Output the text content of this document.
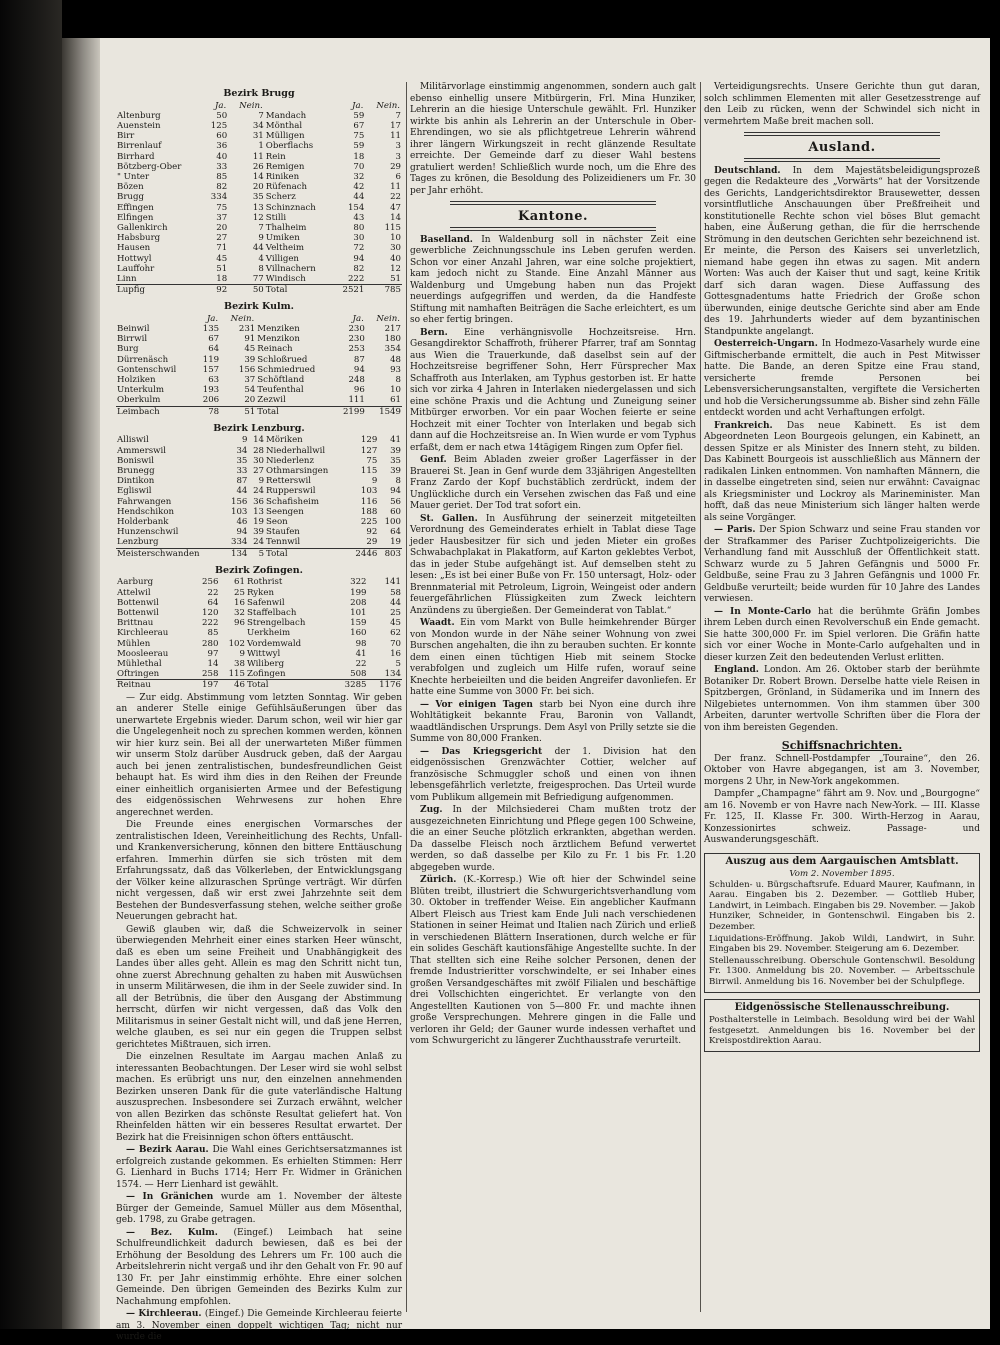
Bezirk Brugg
	Ja.	Nein.		Ja.	Nein.
Altenburg	50	7	Mandach	59	7
Auenstein	125	34	Mönthal	67	17
Birr	60	31	Mülligen	75	11
Birrenlauf	36	1	Oberflachs	59	3
Birrhard	40	11	Rein	18	3
Bötzberg-Ober	33	26	Remigen	70	29
" Unter	85	14	Riniken	32	6
Bözen	82	20	Rüfenach	42	11
Brugg	334	35	Scherz	44	22
Effingen	75	13	Schinznach	154	47
Elfingen	37	12	Stilli	43	14
Gallenkirch	20	7	Thalheim	80	115
Habsburg	27	9	Umiken	30	10
Hausen	71	44	Veltheim	72	30
Hottwyl	45	4	Villigen	94	40
Lauffohr	51	8	Villnachern	82	12
Linn	18	77	Windisch	222	51
Lupfig	92	50	Total	2521	785
Bezirk Kulm.
	Ja.	Nein.		Ja.	Nein.
Beinwil	135	231	Menziken	230	217
Birrwil	67	91	Menzikon	230	180
Burg	64	45	Reinach	253	354
Dürrenäsch	119	39	Schloßrued	87	48
Gontenschwil	157	156	Schmiedrued	94	93
Holziken	63	37	Schöftland	248	8
Unterkulm	193	54	Teufenthal	96	10
Oberkulm	206	20	Zezwil	111	61
Leimbach	78	51	Total	2199	1549
Bezirk Lenzburg.
Alliswil	9	14	Möriken	129	41
Ammerswil	34	28	Niederhallwil	127	39
Boniswil	35	30	Niederlenz	75	35
Brunegg	33	27	Othmarsingen	115	39
Dintikon	87	9	Retterswil	9	8
Egliswil	44	24	Rupperswil	103	94
Fahrwangen	156	36	Schafisheim	116	56
Hendschikon	103	13	Seengen	188	60
Holderbank	46	19	Seon	225	100
Hunzenschwil	94	39	Staufen	92	64
Lenzburg	334	24	Tennwil	29	19
Meisterschwanden	134	5	Total	2446	803
Bezirk Zofingen.
Aarburg	256	61	Rothrist	322	141
Attelwil	22	25	Ryken	199	58
Bottenwil	64	16	Safenwil	208	44
Bottenwil	120	32	Staffelbach	101	25
Brittnau	222	96	Strengelbach	159	45
Kirchleerau	85		Uerkheim	160	62
Mühlen	280	102	Vordemwald	98	70
Moosleerau	97	9	Wittwyl	41	16
Mühlethal	14	38	Wiliberg	22	5
Oftringen	258	115	Zofingen	508	134
Reitnau	197	46	Total	3285	1176

— Zur eidg. Abstimmung vom letzten Sonntag. Wir geben an anderer Stelle einige Gefühlsäußerungen über das unerwartete Ergebnis wieder. Darum schon, weil wir hier gar die Ungelegenheit noch zu sprechen kommen werden, können wir hier kurz sein. Bei all der unerwarteten Mißer fümmen wir unserm Stolz darüber Ausdruck geben, daß der Aargau auch bei jenen zentralistischen, bundesfreundlichen Geist behaupt hat. Es wird ihm dies in den Reihen der Freunde einer einheitlich organisierten Armee und der Befestigung des eidgenössischen Wehrwesens zur hohen Ehre angerechnet werden.

Die Freunde eines energischen Vormarsches der zentralistischen Ideen, Vereinheitlichung des Rechts, Unfall- und Krankenversicherung, können den bittere Enttäuschung erfahren. Immerhin dürfen sie sich trösten mit dem Erfahrungssatz, daß das Völkerleben, der Entwicklungsgang der Völker keine allzuraschen Sprünge verträgt. Wir dürfen nicht vergessen, daß wir erst zwei Jahrzehnte seit dem Bestehen der Bundesverfassung stehen, welche seither große Neuerungen gebracht hat.

Gewiß glauben wir, daß die Schweizervolk in seiner überwiegenden Mehrheit einer eines starken Heer wünscht, daß es eben um seine Freiheit und Unabhängigkeit des Landes über alles geht. Allein es mag den Schritt nicht tun, ohne zuerst Abrechnung gehalten zu haben mit Auswüchsen in unserm Militärwesen, die ihm in der Seele zuwider sind. In all der Betrübnis, die über den Ausgang der Abstimmung herrscht, dürfen wir nicht vergessen, daß das Volk den Militarismus in seiner Gestalt nicht will, und daß jene Herren, welche glauben, es sei nur ein gegen die Truppen selbst gerichtetes Mißtrauen, sich irren.

Die einzelnen Resultate im Aargau machen Anlaß zu interessanten Beobachtungen. Der Leser wird sie wohl selbst machen. Es erübrigt uns nur, den einzelnen annehmenden Bezirken unseren Dank für die gute vaterländische Haltung auszusprechen. Insbesondere sei Zurzach erwähnt, welcher von allen Bezirken das schönste Resultat geliefert hat. Von Rheinfelden hätten wir ein besseres Resultat erwartet. Der Bezirk hat die Freisinnigen schon öfters enttäuscht.

— Bezirk Aarau. Die Wahl eines Gerichtsersatzmannes ist erfolgreich zustande gekommen. Es erhielten Stimmen: Herr G. Lienhard in Buchs 1714; Herr Fr. Widmer in Gränichen 1574. — Herr Lienhard ist gewählt.

— In Gränichen wurde am 1. November der älteste Bürger der Gemeinde, Samuel Müller aus dem Mösenthal, geb. 1798, zu Grabe getragen.

— Bez. Kulm. (Eingef.) Leimbach hat seine Schulfreundlichkeit dadurch bewiesen, daß es bei der Erhöhung der Besoldung des Lehrers um Fr. 100 auch die Arbeitslehrerin nicht vergaß und ihr den Gehalt von Fr. 90 auf 130 Fr. per Jahr einstimmig erhöhte. Ehre einer solchen Gemeinde. Den übrigen Gemeinden des Bezirks Kulm zur Nachahmung empfohlen.

— Kirchleerau. (Eingef.) Die Gemeinde Kirchleerau feierte am 3. November einen doppelt wichtigen Tag; nicht nur wurde die

Militärvorlage einstimmig angenommen, sondern auch galt ebenso einhellig unsere Mitbürgerin, Frl. Mina Hunziker, Lehrerin an die hiesige Unterschule gewählt. Frl. Hunziker wirkte bis anhin als Lehrerin an der Unterschule in Ober-Ehrendingen, wo sie als pflichtgetreue Lehrerin während ihrer längern Wirkungszeit in recht glänzende Resultate erreichte. Der Gemeinde darf zu dieser Wahl bestens gratuliert werden! Schließlich wurde noch, um die Ehre des Tages zu krönen, die Besoldung des Polizeidieners um Fr. 30 per Jahr erhöht.

Kantone.

Baselland. In Waldenburg soll in nächster Zeit eine gewerbliche Zeichnungsschule ins Leben gerufen werden. Schon vor einer Anzahl Jahren, war eine solche projektiert, kam jedoch nicht zu Stande. Eine Anzahl Männer aus Waldenburg und Umgebung haben nun das Projekt neuerdings aufgegriffen und werden, da die Handfeste Stiftung mit namhaften Beiträgen die Sache erleichtert, es um so eher fertig bringen.

Bern. Eine verhängnisvolle Hochzeitsreise. Hrn. Gesangdirektor Schaffroth, früherer Pfarrer, traf am Sonntag aus Wien die Trauerkunde, daß daselbst sein auf der Hochzeitsreise begriffener Sohn, Herr Fürsprecher Max Schaffroth aus Interlaken, am Typhus gestorben ist. Er hatte sich vor zirka 4 Jahren in Interlaken niedergelassen und sich eine schöne Praxis und die Achtung und Zuneigung seiner Mitbürger erworben. Vor ein paar Wochen feierte er seine Hochzeit mit einer Tochter von Interlaken und begab sich dann auf die Hochzeitsreise an. In Wien wurde er vom Typhus erfaßt, dem er nach etwa 14tägigem Ringen zum Opfer fiel.

Genf. Beim Abladen zweier großer Lagerfässer in der Brauerei St. Jean in Genf wurde dem 33jährigen Angestellten Franz Zardo der Kopf buchstäblich zerdrückt, indem der Unglückliche durch ein Versehen zwischen das Faß und eine Mauer geriet. Der Tod trat sofort ein.

St. Gallen. In Ausführung der seinerzeit mitgeteilten Verordnung des Gemeinderates erhielt in Tablat diese Tage jeder Hausbesitzer für sich und jeden Mieter ein großes Schwabachplakat in Plakatform, auf Karton geklebtes Verbot, das in jeder Stube aufgehängt ist. Auf demselben steht zu lesen: „Es ist bei einer Buße von Fr. 150 untersagt, Holz- oder Brennmaterial mit Petroleum, Ligroin, Weingeist oder andern feuergefährlichen Flüssigkeiten zum Zweck leichtern Anzündens zu übergießen. Der Gemeinderat von Tablat.“

Waadt. Ein vom Markt von Bulle heimkehrender Bürger von Mondon wurde in der Nähe seiner Wohnung von zwei Burschen angehalten, die ihn zu berauben suchten. Er konnte dem einen einen tüchtigen Hieb mit seinem Stocke verabfolgen und zugleich um Hilfe rufen, worauf seine Knechte herbeieilten und die beiden Angreifer davonliefen. Er hatte eine Summe von 3000 Fr. bei sich.

— Vor einigen Tagen starb bei Nyon eine durch ihre Wohltätigkeit bekannte Frau, Baronin von Vallandt, waadtländischen Ursprungs. Dem Asyl von Prilly setzte sie die Summe von 80,000 Franken.

— Das Kriegsgericht der 1. Division hat den eidgenössischen Grenzwächter Cottier, welcher auf französische Schmuggler schoß und einen von ihnen lebensgefährlich verletzte, freigesprochen. Das Urteil wurde vom Publikum allgemein mit Befriedigung aufgenommen.

Zug. In der Milchsiederei Cham mußten trotz der ausgezeichneten Einrichtung und Pflege gegen 100 Schweine, die an einer Seuche plötzlich erkrankten, abgethan werden. Da dasselbe Fleisch noch ärztlichem Befund verwertet werden, so daß dasselbe per Kilo zu Fr. 1 bis Fr. 1.20 abgegeben wurde.

Zürich. (K.-Korresp.) Wie oft hier der Schwindel seine Blüten treibt, illustriert die Schwurgerichtsverhandlung vom 30. Oktober in treffender Weise. Ein angeblicher Kaufmann Albert Fleisch aus Triest kam Ende Juli nach verschiedenen Stationen in seiner Heimat und Italien nach Zürich und erließ in verschiedenen Blättern Inserationen, durch welche er für ein solides Geschäft kautionsfähige Angestellte suchte. In der That stellten sich eine Reihe solcher Personen, denen der fremde Industrieritter vorschwindelte, er sei Inhaber eines großen Versandgeschäftes mit zwölf Filialen und beschäftige drei Vollschichten eingerichtet. Er verlangte von den Angestellten Kautionen von 5—800 Fr. und machte ihnen große Versprechungen. Mehrere gingen in die Falle und verloren ihr Geld; der Gauner wurde indessen verhaftet und vom Schwurgericht zu längerer Zuchthausstrafe verurteilt.

Verteidigungsrechts. Unsere Gerichte thun gut daran, solch schlimmen Elementen mit aller Gesetzesstrenge auf den Leib zu rücken, wenn der Schwindel sich nicht in vermehrtem Maße breit machen soll.

Ausland.

Deutschland. In dem Majestätsbeleidigungsprozeß gegen die Redakteure des „Vorwärts“ hat der Vorsitzende des Gerichts, Landgerichtsdirektor Brausewetter, dessen vorsintflutliche Anschauungen über Preßfreiheit und konstitutionelle Rechte schon viel böses Blut gemacht haben, eine Äußerung gethan, die für die herrschende Strömung in den deutschen Gerichten sehr bezeichnend ist. Er meinte, die Person des Kaisers sei unverletzlich, niemand habe gegen ihn etwas zu sagen. Mit andern Worten: Was auch der Kaiser thut und sagt, keine Kritik darf sich daran wagen. Diese Auffassung des Gottesgnadentums hatte Friedrich der Große schon überwunden, einige deutsche Gerichte sind aber am Ende des 19. Jahrhunderts wieder auf dem byzantinischen Standpunkte angelangt.

Oesterreich-Ungarn. In Hodmezo-Vasarhely wurde eine Giftmischerbande ermittelt, die auch in Pest Mitwisser hatte. Die Bande, an deren Spitze eine Frau stand, versicherte fremde Personen bei Lebensversicherungsanstalten, vergiftete die Versicherten und hob die Versicherungssumme ab. Bisher sind zehn Fälle entdeckt worden und acht Verhaftungen erfolgt.

Frankreich. Das neue Kabinett. Es ist dem Abgeordneten Leon Bourgeois gelungen, ein Kabinett, an dessen Spitze er als Minister des Innern steht, zu bilden. Das Kabinett Bourgeois ist ausschließlich aus Männern der radikalen Linken entnommen. Von namhaften Männern, die in dasselbe eingetreten sind, seien nur erwähnt: Cavaignac als Kriegsminister und Lockroy als Marineminister. Man hofft, daß das neue Ministerium sich länger halten werde als seine Vorgänger.

— Paris. Der Spion Schwarz und seine Frau standen vor der Strafkammer des Pariser Zuchtpolizeigerichts. Die Verhandlung fand mit Ausschluß der Öffentlichkeit statt. Schwarz wurde zu 5 Jahren Gefängnis und 5000 Fr. Geldbuße, seine Frau zu 3 Jahren Gefängnis und 1000 Fr. Geldbuße verurteilt; beide wurden für 10 Jahre des Landes verwiesen.

— In Monte-Carlo hat die berühmte Gräfin Jombes ihrem Leben durch einen Revolverschuß ein Ende gemacht. Sie hatte 300,000 Fr. im Spiel verloren. Die Gräfin hatte sich vor einer Woche in Monte-Carlo aufgehalten und in dieser kurzen Zeit den bedeutenden Verlust erlitten.

England. London. Am 26. Oktober starb der berühmte Botaniker Dr. Robert Brown. Derselbe hatte viele Reisen in Spitzbergen, Grönland, in Südamerika und im Innern des Nilgebietes unternommen. Von ihm stammen über 300 Arbeiten, darunter wertvolle Schriften über die Flora der von ihm bereisten Gegenden.

Schiffsnachrichten.

Der franz. Schnell-Postdampfer „Touraine“, den 26. Oktober von Havre abgegangen, ist am 3. November, morgens 2 Uhr, in New-York angekommen.

Dampfer „Champagne“ fährt am 9. Nov. und „Bourgogne“ am 16. Novemb er von Havre nach New-York. — III. Klasse Fr. 125, II. Klasse Fr. 300. Wirth-Herzog in Aarau, Konzessionirtes schweiz. Passage- und Auswanderungsgeschäft.

Auszug aus dem Aargauischen Amtsblatt.
Vom 2. November 1895.

Schulden- u. Bürgschaftsrufe. Eduard Maurer, Kaufmann, in Aarau. Eingaben bis 2. Dezember. — Gottlieb Huber, Landwirt, in Leimbach. Eingaben bis 29. November. — Jakob Hunziker, Schneider, in Gontenschwil. Eingaben bis 2. Dezember.

Liquidations-Eröffnung. Jakob Wildi, Landwirt, in Suhr. Eingaben bis 29. November. Steigerung am 6. Dezember.

Stellenausschreibung. Oberschule Gontenschwil. Besoldung Fr. 1300. Anmeldung bis 20. November. — Arbeitsschule Birrwil. Anmeldung bis 16. November bei der Schulpflege.

Eidgenössische Stellenausschreibung.

Posthalterstelle in Leimbach. Besoldung wird bei der Wahl festgesetzt. Anmeldungen bis 16. November bei der Kreispostdirektion Aarau.
